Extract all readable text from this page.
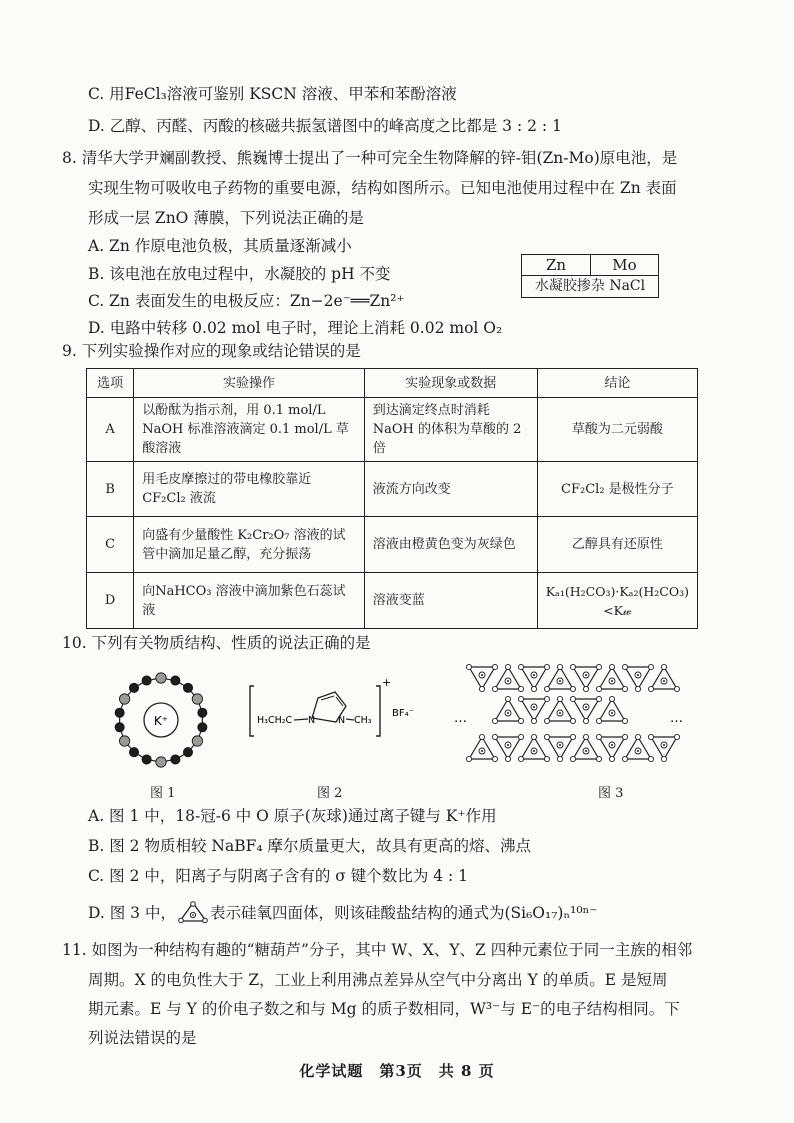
C. 用FeCl₃溶液可鉴别 KSCN 溶液、甲苯和苯酚溶液
D. 乙醇、丙醛、丙酸的核磁共振氢谱图中的峰高度之比都是 3 : 2 : 1
8. 清华大学尹斓副教授、熊巍博士提出了一种可完全生物降解的锌-钼(Zn-Mo)原电池，是
实现生物可吸收电子药物的重要电源，结构如图所示。已知电池使用过程中在 Zn 表面
形成一层 ZnO 薄膜，下列说法正确的是
A. Zn 作原电池负极，其质量逐渐减小
B. 该电池在放电过程中，水凝胶的 pH 不变
C. Zn 表面发生的电极反应：Zn−2e⁻══Zn²⁺
D. 电路中转移 0.02 mol 电子时，理论上消耗 0.02 mol O₂
Zn	Mo
水凝胶掺杂 NaCl
9. 下列实验操作对应的现象或结论错误的是
选项	实验操作	实验现象或数据	结论
A	以酚酞为指示剂，用 0.1 mol/L NaOH 标准溶液滴定 0.1 mol/L 草酸溶液	到达滴定终点时消耗 NaOH 的体积为草酸的 2 倍	草酸为二元弱酸
B	用毛皮摩擦过的带电橡胶靠近 CF₂Cl₂ 液流	液流方向改变	CF₂Cl₂ 是极性分子
C	向盛有少量酸性 K₂Cr₂O₇ 溶液的试管中滴加足量乙醇，充分振荡	溶液由橙黄色变为灰绿色	乙醇具有还原性
D	向NaHCO₃ 溶液中滴加紫色石蕊试液	溶液变蓝	Kₐ₁(H₂CO₃)·Kₐ₂(H₂CO₃)<K𝓌
10. 下列有关物质结构、性质的说法正确的是
K⁺
图 1
H₃CH₂C N N CH₃
+
BF₄⁻
图 2
…	…
图 3
A. 图 1 中，18-冠-6 中 O 原子(灰球)通过离子键与 K⁺作用
B. 图 2 物质相较 NaBF₄ 摩尔质量更大，故具有更高的熔、沸点
C. 图 2 中，阳离子与阴离子含有的 σ 键个数比为 4 : 1
D. 图 3 中， 表示硅氧四面体，则该硅酸盐结构的通式为(Si₆O₁₇)ₙ¹⁰ⁿ⁻
11. 如图为一种结构有趣的“糖葫芦”分子，其中 W、X、Y、Z 四种元素位于同一主族的相邻
周期。X 的电负性大于 Z，工业上利用沸点差异从空气中分离出 Y 的单质。E 是短周
期元素。E 与 Y 的价电子数之和与 Mg 的质子数相同，W³⁻与 E⁻的电子结构相同。下
列说法错误的是
化学试题　第3页　共 8 页
